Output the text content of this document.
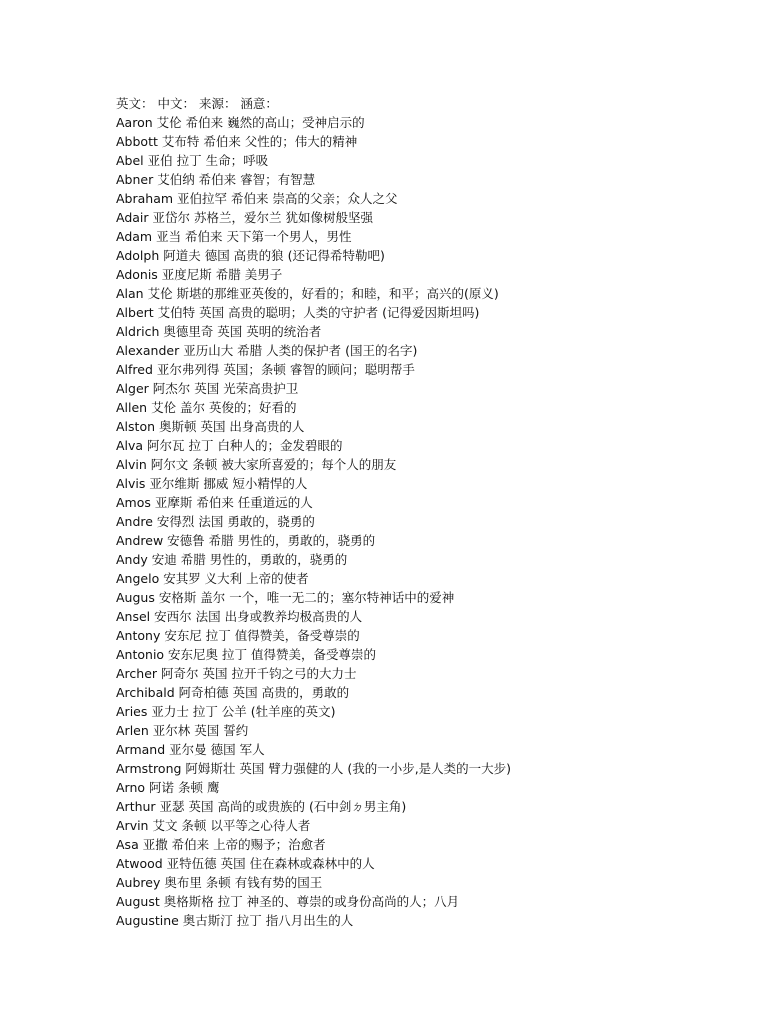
英文： 中文： 来源： 涵意：
Aaron 艾伦 希伯来 巍然的高山；受神启示的
Abbott 艾布特 希伯来 父性的；伟大的精神
Abel 亚伯 拉丁 生命；呼吸
Abner 艾伯纳 希伯来 睿智；有智慧
Abraham 亚伯拉罕 希伯来 崇高的父亲；众人之父
Adair 亚岱尔 苏格兰，爱尔兰 犹如像树般坚强
Adam 亚当 希伯来 天下第一个男人，男性
Adolph 阿道夫 德国 高贵的狼 (还记得希特勒吧)
Adonis 亚度尼斯 希腊 美男子
Alan 艾伦 斯堪的那维亚英俊的，好看的；和睦，和平；高兴的(原义)
Albert 艾伯特 英国 高贵的聪明；人类的守护者 (记得爱因斯坦吗)
Aldrich 奥德里奇 英国 英明的统治者
Alexander 亚历山大 希腊 人类的保护者 (国王的名字)
Alfred 亚尔弗列得 英国；条顿 睿智的顾问；聪明帮手
Alger 阿杰尔 英国 光荣高贵护卫
Allen 艾伦 盖尔 英俊的；好看的
Alston 奥斯顿 英国 出身高贵的人
Alva 阿尔瓦 拉丁 白种人的；金发碧眼的
Alvin 阿尔文 条顿 被大家所喜爱的；每个人的朋友
Alvis 亚尔维斯 挪威 短小精悍的人
Amos 亚摩斯 希伯来 任重道远的人
Andre 安得烈 法国 勇敢的，骁勇的
Andrew 安德鲁 希腊 男性的，勇敢的，骁勇的
Andy 安迪 希腊 男性的，勇敢的，骁勇的
Angelo 安其罗 义大利 上帝的使者
Augus 安格斯 盖尔 一个，唯一无二的；塞尔特神话中的爱神
Ansel 安西尔 法国 出身或教养均极高贵的人
Antony 安东尼 拉丁 值得赞美，备受尊崇的
Antonio 安东尼奥 拉丁 值得赞美，备受尊崇的
Archer 阿奇尔 英国 拉开千钧之弓的大力士
Archibald 阿奇柏德 英国 高贵的，勇敢的
Aries 亚力士 拉丁 公羊 (牡羊座的英文)
Arlen 亚尔林 英国 誓约
Armand 亚尔曼 德国 军人
Armstrong 阿姆斯壮 英国 臂力强健的人 (我的一小步,是人类的一大步)
Arno 阿诺 条顿 鹰
Arthur 亚瑟 英国 高尚的或贵族的 (石中剑ㄉ男主角)
Arvin 艾文 条顿 以平等之心待人者
Asa 亚撒 希伯来 上帝的赐予；治愈者
Atwood 亚特伍德 英国 住在森林或森林中的人
Aubrey 奥布里 条顿 有钱有势的国王
August 奥格斯格 拉丁 神圣的、尊崇的或身份高尚的人；八月
Augustine 奥古斯汀 拉丁 指八月出生的人
